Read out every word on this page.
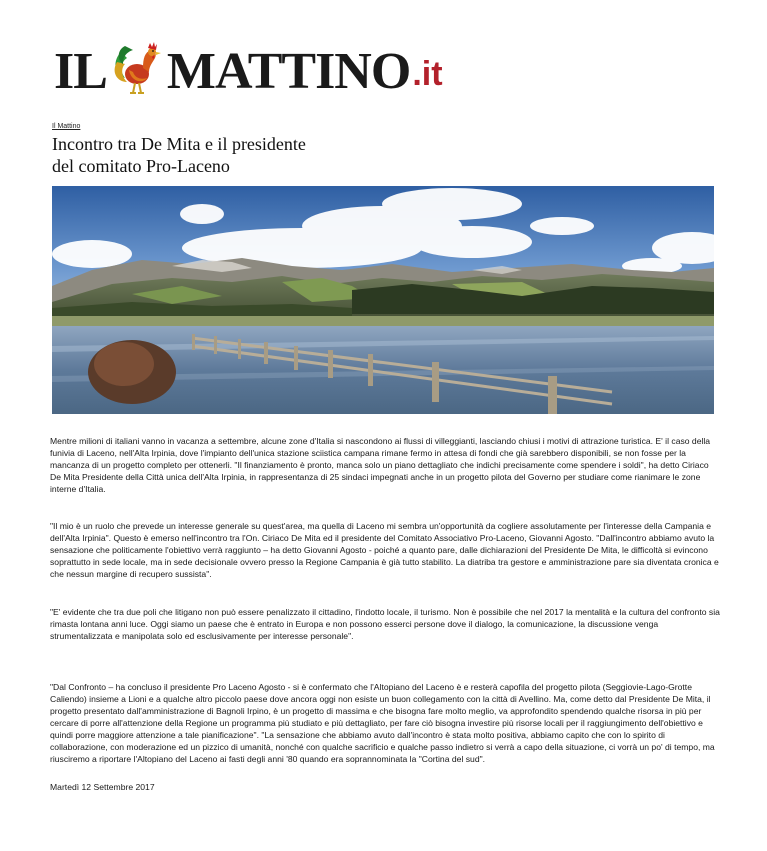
IL MATTINO .it
Il Mattino
Incontro tra De Mita e il presidente
del comitato Pro-Laceno

Mentre milioni di italiani vanno in vacanza a settembre, alcune zone d'Italia si nascondono ai flussi di villeggianti, lasciando chiusi i motivi di attrazione turistica. E' il caso della funivia di Laceno, nell'Alta Irpinia, dove l'impianto dell'unica stazione sciistica campana rimane fermo in attesa di fondi che già sarebbero disponibili, se non fosse per la mancanza di un progetto completo per ottenerli. "Il finanziamento è pronto, manca solo un piano dettagliato che indichi precisamente come spendere i soldi", ha detto Ciriaco De Mita Presidente della Città unica dell'Alta Irpinia, in rappresentanza di 25 sindaci impegnati anche in un progetto pilota del Governo per studiare come rianimare le zone interne d'Italia.

"Il mio è un ruolo che prevede un interesse generale su quest'area, ma quella di Laceno mi sembra un'opportunità da cogliere assolutamente per l'interesse della Campania e dell'Alta Irpinia". Questo è emerso nell'incontro tra l'On. Ciriaco De Mita ed il presidente del Comitato Associativo Pro-Laceno, Giovanni Agosto. "Dall'incontro abbiamo avuto la sensazione che politicamente l'obiettivo verrà raggiunto – ha detto Giovanni Agosto - poiché a quanto pare, dalle dichiarazioni del Presidente De Mita, le difficoltà si evincono soprattutto in sede locale, ma in sede decisionale ovvero presso la Regione Campania è già tutto stabilito. La diatriba tra gestore e amministrazione pare sia diventata cronica e che nessun margine di recupero sussista".

"E' evidente che tra due poli che litigano non può essere penalizzato il cittadino, l'indotto locale, il turismo. Non è possibile che nel 2017 la mentalità e la cultura del confronto sia rimasta lontana anni luce. Oggi siamo un paese che è entrato in Europa e non possono esserci persone dove il dialogo, la comunicazione, la discussione venga strumentalizzata e manipolata solo ed esclusivamente per interesse personale".

"Dal Confronto – ha concluso il presidente Pro Laceno Agosto - si è confermato che l'Altopiano del Laceno è e resterà capofila del progetto pilota (Seggiovie-Lago-Grotte Caliendo) insieme a Lioni e a qualche altro piccolo paese dove ancora oggi non esiste un buon collegamento con la città di Avellino. Ma, come detto dal Presidente De Mita, il progetto presentato dall'amministrazione di Bagnoli Irpino, è un progetto di massima e che bisogna fare molto meglio, va approfondito spendendo qualche risorsa in più per cercare di porre all'attenzione della Regione un programma più studiato e più dettagliato, per fare ciò bisogna investire più risorse locali per il raggiungimento dell'obiettivo e quindi porre maggiore attenzione a tale pianificazione". "La sensazione che abbiamo avuto dall'incontro è stata molto positiva, abbiamo capito che con lo spirito di collaborazione, con moderazione ed un pizzico di umanità, nonché con qualche sacrificio e qualche passo indietro si verrà a capo della situazione, ci vorrà un po' di tempo, ma riusciremo a riportare l'Altopiano del Laceno ai fasti degli anni '80 quando era soprannominata la "Cortina del sud".

Martedì 12 Settembre 2017
